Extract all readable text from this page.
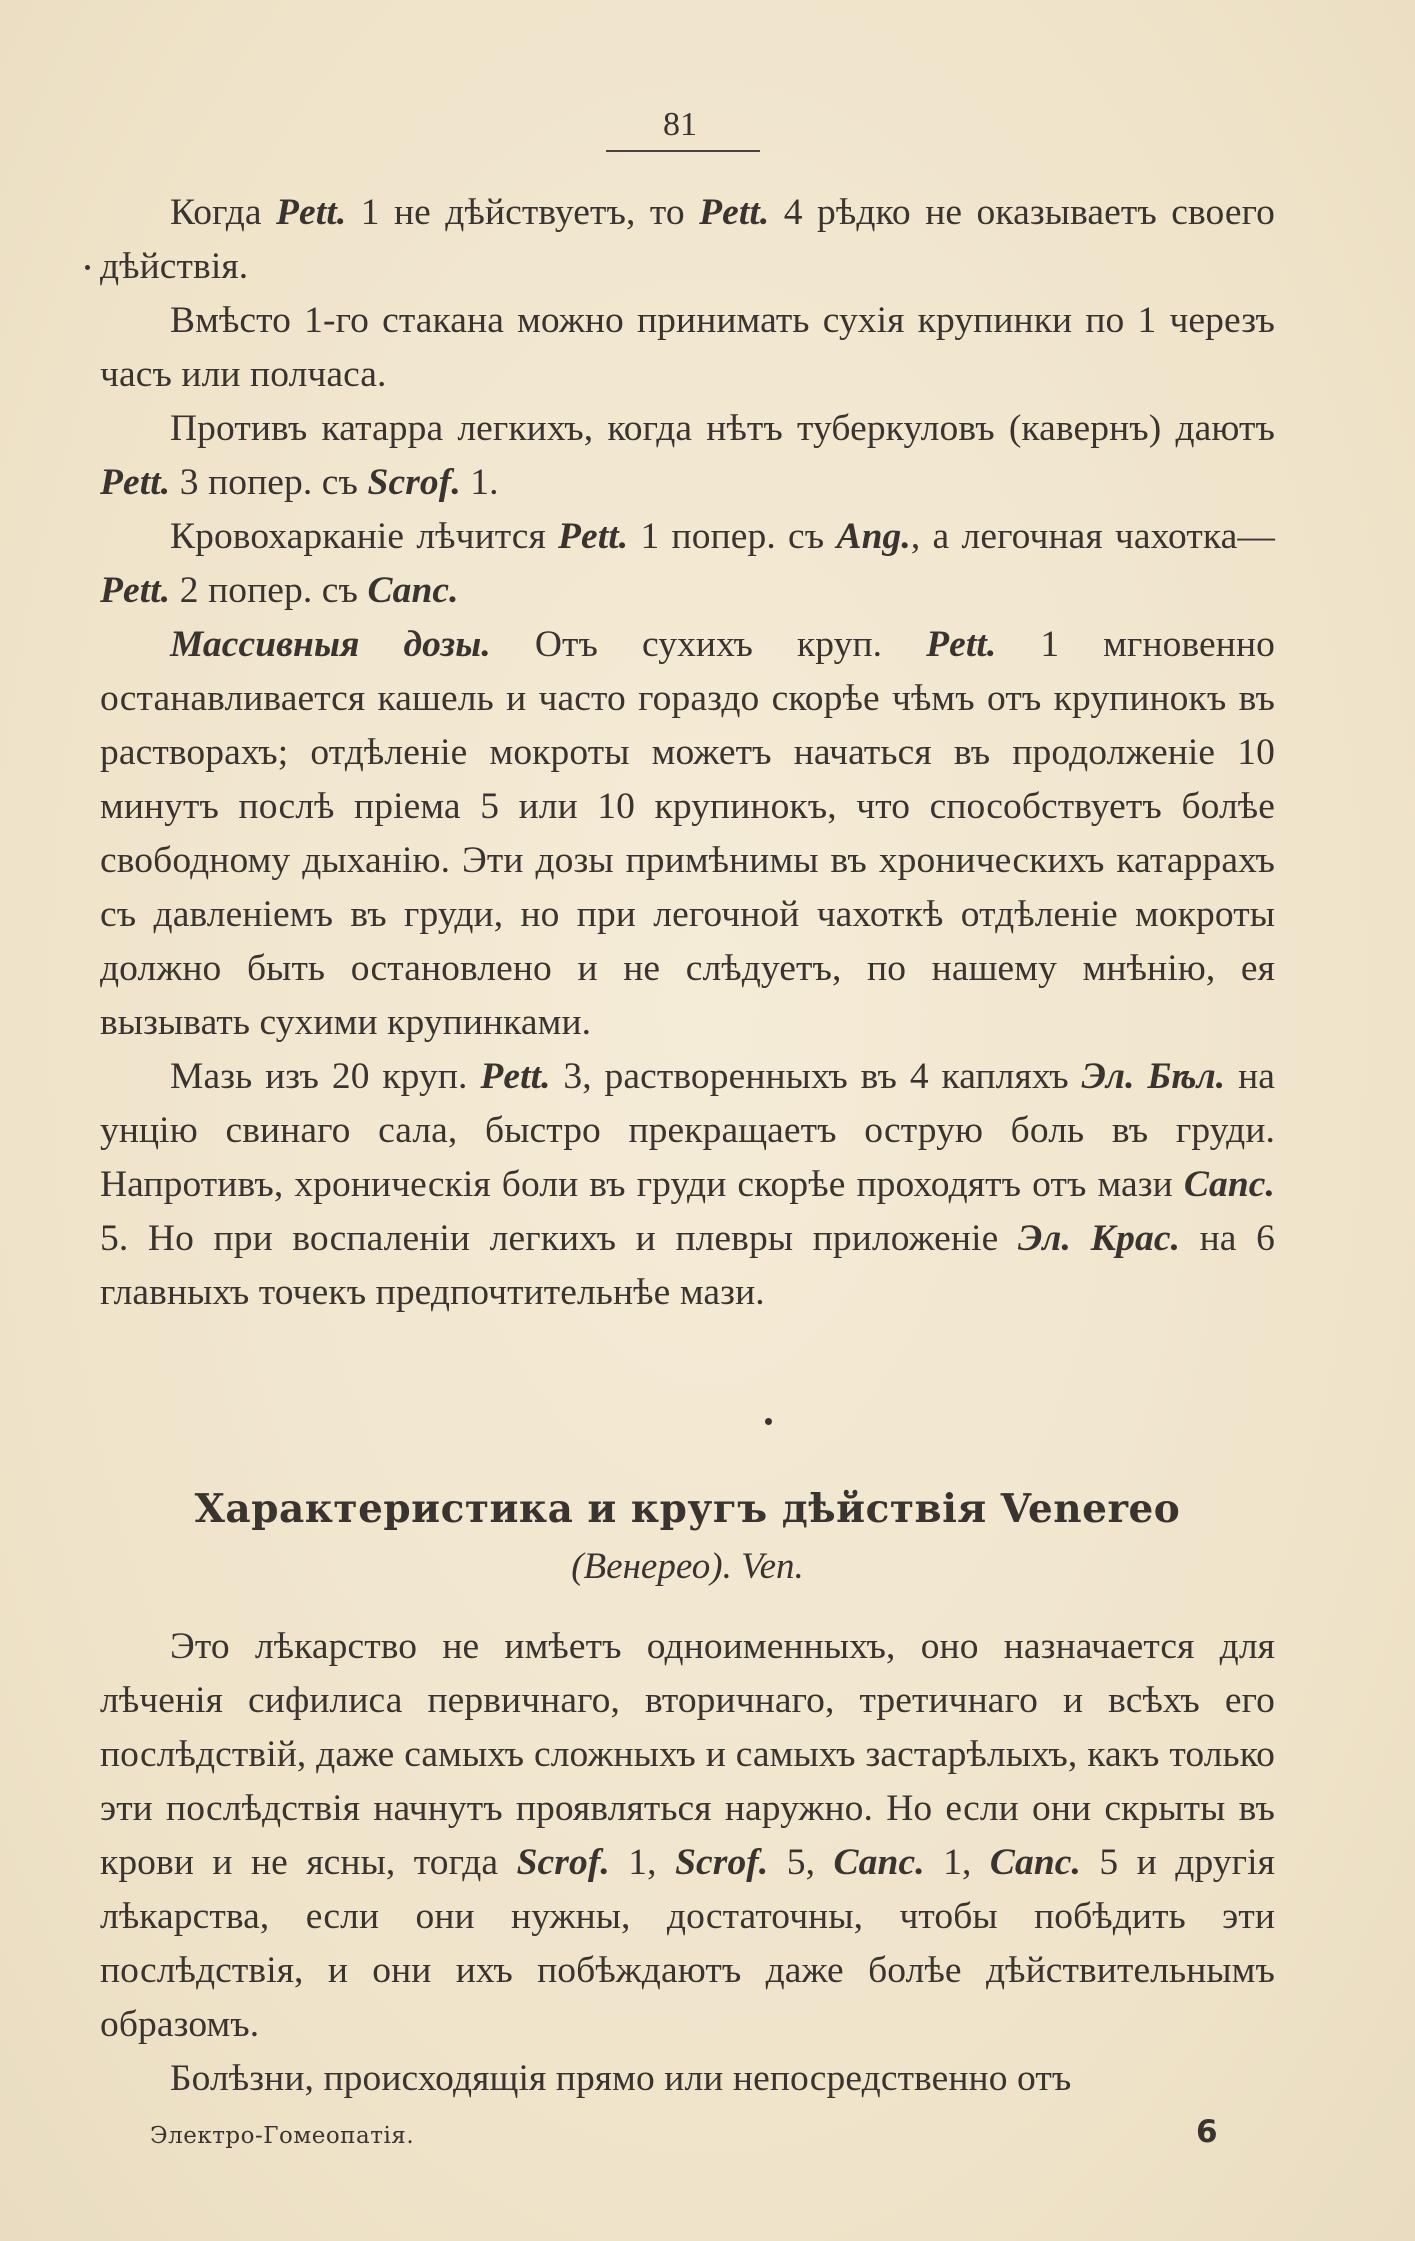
81

Когда Pett. 1 не дѣйствуетъ, то Pett. 4 рѣдко не оказываетъ своего дѣйствія.

Вмѣсто 1-го стакана можно принимать сухія крупинки по 1 черезъ часъ или полчаса.

Противъ катарра легкихъ, когда нѣтъ туберкуловъ (кавернъ) даютъ Pett. 3 попер. съ Scrof. 1.

Кровохарканіе лѣчится Pett. 1 попер. съ Ang., а легочная чахотка—Pett. 2 попер. съ Canc.

Массивныя дозы. Отъ сухихъ круп. Pett. 1 мгновенно останавливается кашель и часто гораздо скорѣе чѣмъ отъ крупинокъ въ растворахъ; отдѣленіе мокроты можетъ начаться въ продолженіе 10 минутъ послѣ пріема 5 или 10 крупинокъ, что способствуетъ болѣе свободному дыханію. Эти дозы примѣнимы въ хроническихъ катаррахъ съ давленіемъ въ груди, но при легочной чахоткѣ отдѣленіе мокроты должно быть остановлено и не слѣдуетъ, по нашему мнѣнію, ея вызывать сухими крупинками.

Мазь изъ 20 круп. Pett. 3, растворенныхъ въ 4 капляхъ Эл. Бѣл. на унцію свинаго сала, быстро прекращаетъ острую боль въ груди. Напротивъ, хроническія боли въ груди скорѣе проходятъ отъ мази Canc. 5. Но при воспаленіи легкихъ и плевры приложеніе Эл. Крас. на 6 главныхъ точекъ предпочтительнѣе мази.

Характеристика и кругъ дѣйствія Venereo
(Венерео). Ven.

Это лѣкарство не имѣетъ одноименныхъ, оно назначается для лѣченія сифилиса первичнаго, вторичнаго, третичнаго и всѣхъ его послѣдствій, даже самыхъ сложныхъ и самыхъ застарѣлыхъ, какъ только эти послѣдствія начнутъ проявляться наружно. Но если они скрыты въ крови и не ясны, тогда Scrof. 1, Scrof. 5, Canc. 1, Canc. 5 и другія лѣкарства, если они нужны, достаточны, чтобы побѣдить эти послѣдствія, и они ихъ побѣждаютъ даже болѣе дѣйствительнымъ образомъ.

Болѣзни, происходящія прямо или непосредственно отъ

Электро-Гомеопатія.	6
